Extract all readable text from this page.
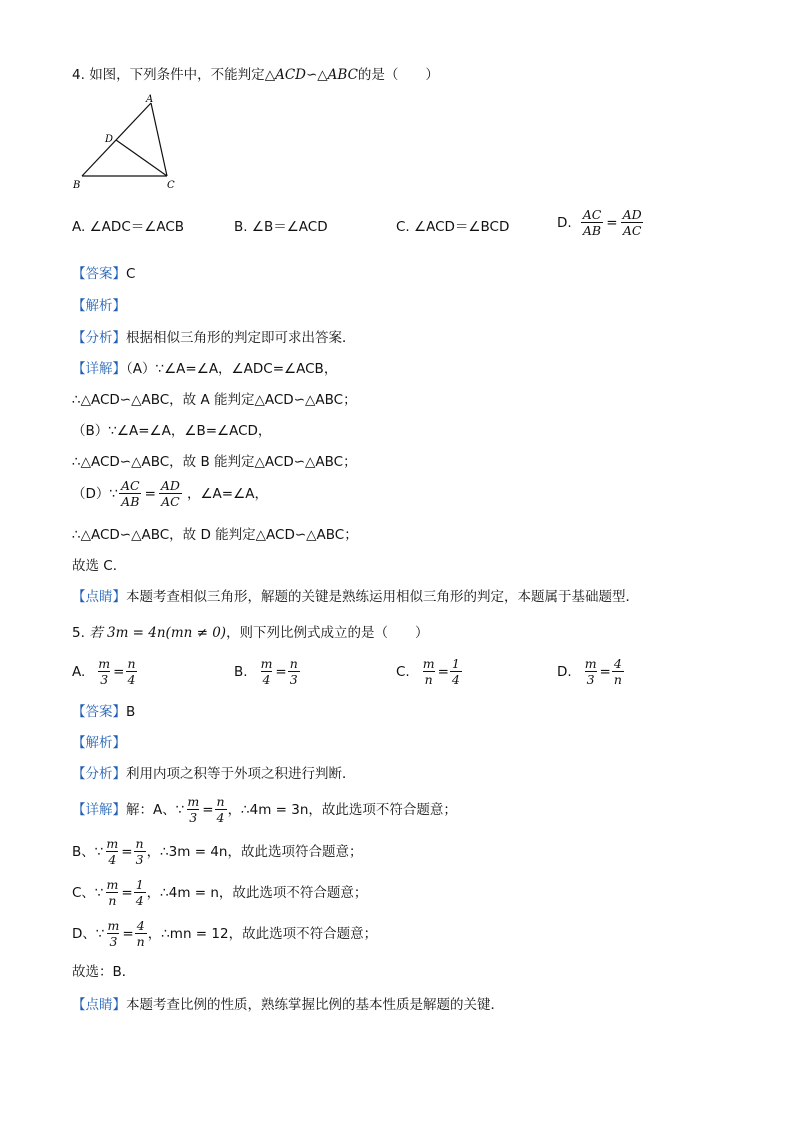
4. 如图，下列条件中，不能判定△ACD∽△ABC的是（　　）
A
D
B	C
A. ∠ADC＝∠ACB	B. ∠B＝∠ACD	C. ∠ACD＝∠BCD	D. $\frac{AC}{AB} = \frac{AD}{AC}$
【答案】C
【解析】
【分析】根据相似三角形的判定即可求出答案．
【详解】（A）∵∠A=∠A，∠ADC=∠ACB，
∴△ACD∽△ABC，故 A 能判定△ACD∽△ABC；
（B）∵∠A=∠A，∠B=∠ACD，
∴△ACD∽△ABC，故 B 能判定△ACD∽△ABC；
（D）∵ $\frac{AC}{AB} = \frac{AD}{AC}$ ，∠A=∠A，
∴△ACD∽△ABC，故 D 能判定△ACD∽△ABC；
故选 C．
【点睛】本题考查相似三角形，解题的关键是熟练运用相似三角形的判定，本题属于基础题型．
5. 若 3m = 4n(mn ≠ 0)，则下列比例式成立的是（　　）
A. $\frac{m}{3} = \frac{n}{4}$	B. $\frac{m}{4} = \frac{n}{3}$	C. $\frac{m}{n} = \frac{1}{4}$	D. $\frac{m}{3} = \frac{4}{n}$
【答案】B
【解析】
【分析】利用内项之积等于外项之积进行判断．
【详解】 解：A、∵ $\frac{m}{3} = \frac{n}{4}$ ，∴4m = 3n，故此选项不符合题意；
B、∵ $\frac{m}{4} = \frac{n}{3}$ ，∴3m = 4n，故此选项符合题意；
C、∵ $\frac{m}{n} = \frac{1}{4}$ ，∴4m = n，故此选项不符合题意；
D、∵ $\frac{m}{3} = \frac{4}{n}$ ，∴mn = 12，故此选项不符合题意；
故选：B．
【点睛】本题考查比例的性质，熟练掌握比例的基本性质是解题的关键．
